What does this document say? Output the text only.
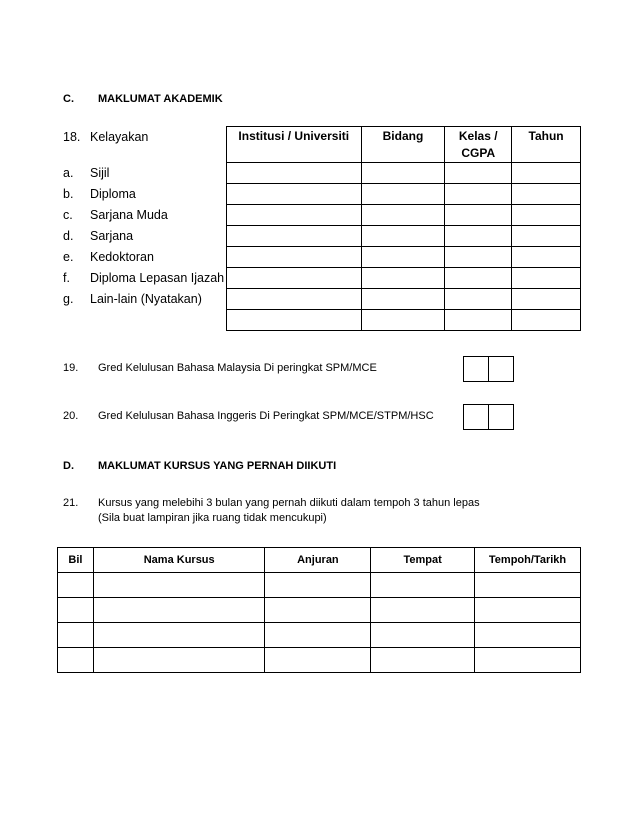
C. MAKLUMAT AKADEMIK
18. Kelayakan
a. Sijil
b. Diploma
c. Sarjana Muda
d. Sarjana
e. Kedoktoran
f. Diploma Lepasan Ijazah
g. Lain-lain (Nyatakan)
Institusi / Universiti	Bidang	Kelas / CGPA	Tahun

19. Gred Kelulusan Bahasa Malaysia Di peringkat SPM/MCE
20. Gred Kelulusan Bahasa Inggeris Di Peringkat SPM/MCE/STPM/HSC
D. MAKLUMAT KURSUS YANG PERNAH DIIKUTI
21. Kursus yang melebihi 3 bulan yang pernah diikuti dalam tempoh 3 tahun lepas
(Sila buat lampiran jika ruang tidak mencukupi)
Bil	Nama Kursus	Anjuran	Tempat	Tempoh/Tarikh
